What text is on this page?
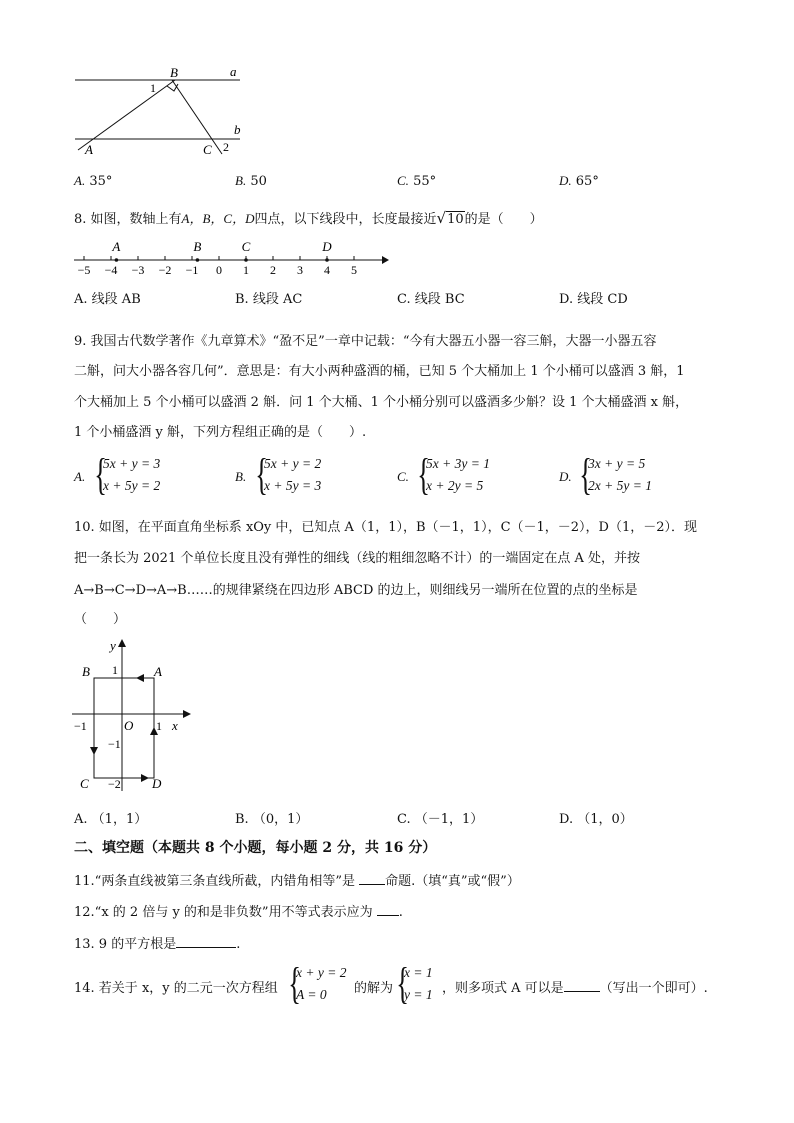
B	a
1
b
A	C 2
A. 35°	B. 50	C. 55°	D. 65°
8. 如图，数轴上有A，B，C，D四点，以下线段中，长度最接近√10的是（　　）
−5 −4 −3 −2 −1 0 1 2 3 4 5
A	B	C	D
A. 线段 AB	B. 线段 AC	C. 线段 BC	D. 线段 CD
9. 我国古代数学著作《九章算术》“盈不足”一章中记载：“今有大器五小器一容三斛，大器一小器五容
二斛，问大小器各容几何”．意思是：有大小两种盛酒的桶，已知 5 个大桶加上 1 个小桶可以盛酒 3 斛，1
个大桶加上 5 个小桶可以盛酒 2 斛．问 1 个大桶、1 个小桶分别可以盛酒多少斛？设 1 个大桶盛酒 x 斛，
1 个小桶盛酒 y 斛，下列方程组正确的是（　　）.
A. {
5x + y = 3
x + 5y = 2
B. {
5x + y = 2
x + 5y = 3
C. {
5x + 3y = 1
x + 2y = 5
D. {
3x + y = 5
2x + 5y = 1
10. 如图，在平面直角坐标系 xOy 中，已知点 A（1，1），B（－1，1），C（－1，－2），D（1，－2）．现
把一条长为 2021 个单位长度且没有弹性的细线（线的粗细忽略不计）的一端固定在点 A 处，并按
A→B→C→D→A→B……的规律紧绕在四边形 ABCD 的边上，则细线另一端所在位置的点的坐标是
（　　）
y
B 1	A
−1	O 1 x
−1
C −2 D
A. （1，1）	B. （0，1）	C. （－1，1）	D. （1，0）
二、填空题（本题共 8 个小题，每小题 2 分，共 16 分）
11.“两条直线被第三条直线所截，内错角相等”是 命题.（填“真”或“假”）
12.“x 的 2 倍与 y 的和是非负数”用不等式表示应为 .
13. 9 的平方根是	.
14. 若关于 x，y 的二元一次方程组 {
x + y = 2
A = 0	的解为 {
x = 1
y = 1 ，则多项式 A 可以是	（写出一个即可）.
